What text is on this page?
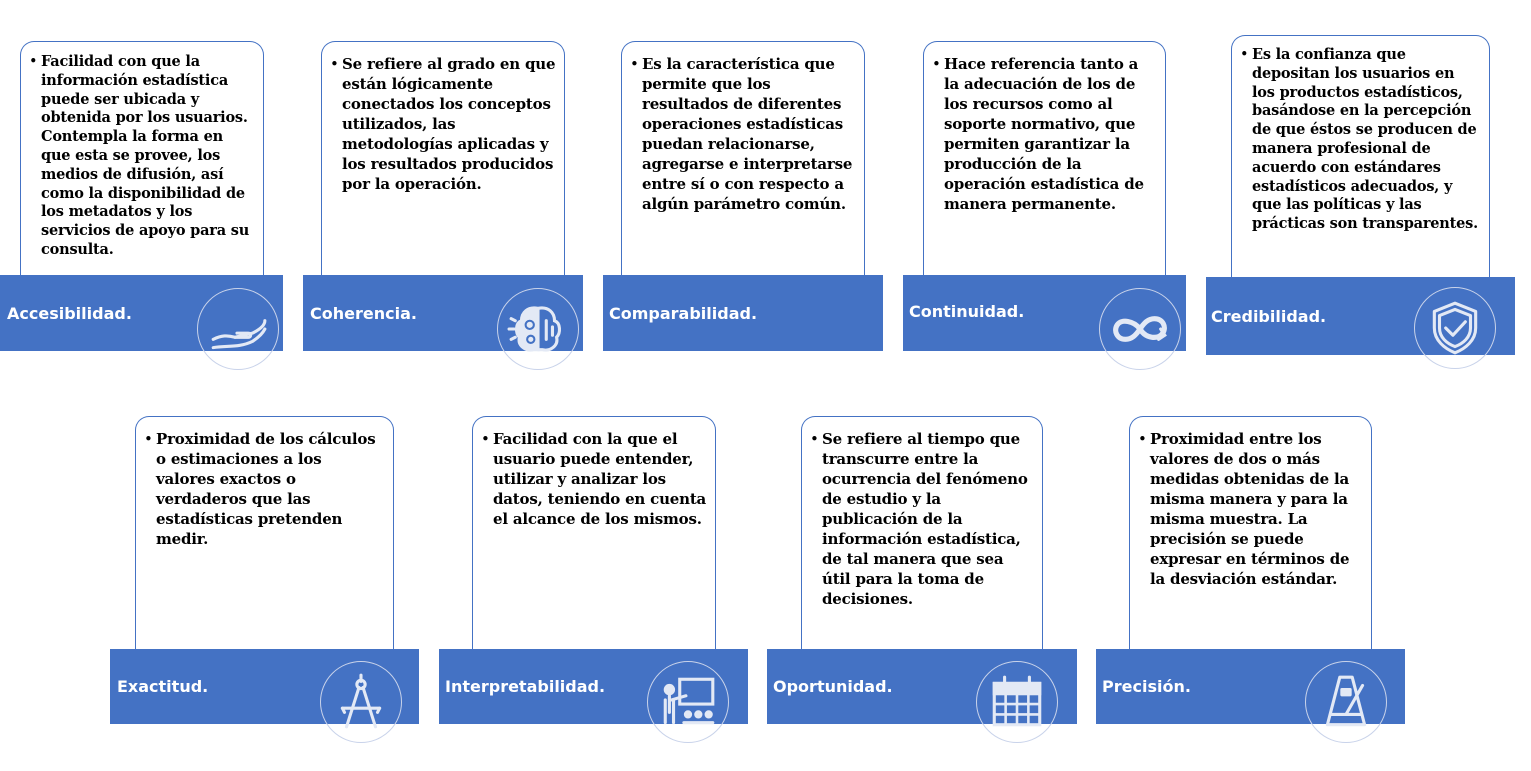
• Facilidad con que la información estadística puede ser ubicada y obtenida por los usuarios. Contempla la forma en que esta se provee, los medios de difusión, así como la disponibilidad de los metadatos y los servicios de apoyo para su consulta.
Accesibilidad.
• Se refiere al grado en que están lógicamente conectados los conceptos utilizados, las metodologías aplicadas y los resultados producidos por la operación.
Coherencia.
• Es la característica que permite que los resultados de diferentes operaciones estadísticas puedan relacionarse, agregarse e interpretarse entre sí o con respecto a algún parámetro común.
Comparabilidad.
• Hace referencia tanto a la adecuación de los de los recursos como al soporte normativo, que permiten garantizar la producción de la operación estadística de manera permanente.
Continuidad.
• Es la confianza que depositan los usuarios en los productos estadísticos, basándose en la percepción de que éstos se producen de manera profesional de acuerdo con estándares estadísticos adecuados, y que las políticas y las prácticas son transparentes.
Credibilidad.
• Proximidad de los cálculos o estimaciones a los valores exactos o verdaderos que las estadísticas pretenden medir.
Exactitud.
• Facilidad con la que el usuario puede entender, utilizar y analizar los datos, teniendo en cuenta el alcance de los mismos.
Interpretabilidad.
• Se refiere al tiempo que transcurre entre la ocurrencia del fenómeno de estudio y la publicación de la información estadística, de tal manera que sea útil para la toma de decisiones.
Oportunidad.
• Proximidad entre los valores de dos o más medidas obtenidas de la misma manera y para la misma muestra. La precisión se puede expresar en términos de la desviación estándar.
Precisión.
